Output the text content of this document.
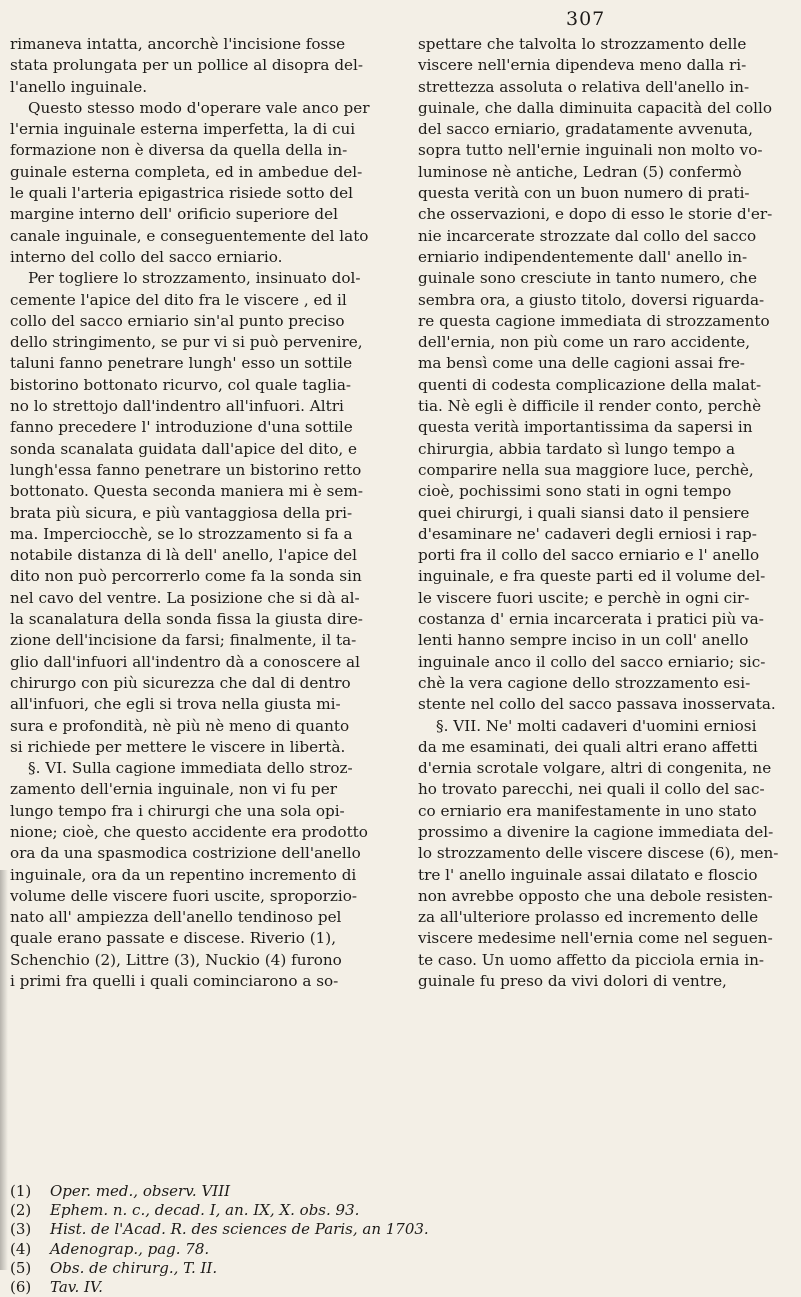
307
rimaneva intatta, ancorchè l'incisione fosse
stata prolungata per un pollice al disopra del-
l'anello inguinale.
Questo stesso modo d'operare vale anco per
l'ernia inguinale esterna imperfetta, la di cui
formazione non è diversa da quella della in-
guinale esterna completa, ed in ambedue del-
le quali l'arteria epigastrica risiede sotto del
margine interno dell' orificio superiore del
canale inguinale, e conseguentemente del lato
interno del collo del sacco erniario.
Per togliere lo strozzamento, insinuato dol-
cemente l'apice del dito fra le viscere , ed il
collo del sacco erniario sin'al punto preciso
dello stringimento, se pur vi si può pervenire,
taluni fanno penetrare lungh' esso un sottile
bistorino bottonato ricurvo, col quale taglia-
no lo strettojo dall'indentro all'infuori. Altri
fanno precedere l' introduzione d'una sottile
sonda scanalata guidata dall'apice del dito, e
lungh'essa fanno penetrare un bistorino retto
bottonato. Questa seconda maniera mi è sem-
brata più sicura, e più vantaggiosa della pri-
ma. Imperciocchè, se lo strozzamento si fa a
notabile distanza di là dell' anello, l'apice del
dito non può percorrerlo come fa la sonda sin
nel cavo del ventre. La posizione che si dà al-
la scanalatura della sonda fissa la giusta dire-
zione dell'incisione da farsi; finalmente, il ta-
glio dall'infuori all'indentro dà a conoscere al
chirurgo con più sicurezza che dal di dentro
all'infuori, che egli si trova nella giusta mi-
sura e profondità, nè più nè meno di quanto
si richiede per mettere le viscere in libertà.
§. VI. Sulla cagione immediata dello stroz-
zamento dell'ernia inguinale, non vi fu per
lungo tempo fra i chirurgi che una sola opi-
nione; cioè, che questo accidente era prodotto
ora da una spasmodica costrizione dell'anello
inguinale, ora da un repentino incremento di
volume delle viscere fuori uscite, sproporzio-
nato all' ampiezza dell'anello tendinoso pel
quale erano passate e discese. Riverio (1),
Schenchio (2), Littre (3), Nuckio (4) furono
i primi fra quelli i quali cominciarono a so-
spettare che talvolta lo strozzamento delle
viscere nell'ernia dipendeva meno dalla ri-
strettezza assoluta o relativa dell'anello in-
guinale, che dalla diminuita capacità del collo
del sacco erniario, gradatamente avvenuta,
sopra tutto nell'ernie inguinali non molto vo-
luminose nè antiche, Ledran (5) confermò
questa verità con un buon numero di prati-
che osservazioni, e dopo di esso le storie d'er-
nie incarcerate strozzate dal collo del sacco
erniario indipendentemente dall' anello in-
guinale sono cresciute in tanto numero, che
sembra ora, a giusto titolo, doversi riguarda-
re questa cagione immediata di strozzamento
dell'ernia, non più come un raro accidente,
ma bensì come una delle cagioni assai fre-
quenti di codesta complicazione della malat-
tia. Nè egli è difficile il render conto, perchè
questa verità importantissima da sapersi in
chirurgia, abbia tardato sì lungo tempo a
comparire nella sua maggiore luce, perchè,
cioè, pochissimi sono stati in ogni tempo
quei chirurgi, i quali siansi dato il pensiere
d'esaminare ne' cadaveri degli erniosi i rap-
porti fra il collo del sacco erniario e l' anello
inguinale, e fra queste parti ed il volume del-
le viscere fuori uscite; e perchè in ogni cir-
costanza d' ernia incarcerata i pratici più va-
lenti hanno sempre inciso in un coll' anello
inguinale anco il collo del sacco erniario; sic-
chè la vera cagione dello strozzamento esi-
stente nel collo del sacco passava inosservata.
§. VII. Ne' molti cadaveri d'uomini erniosi
da me esaminati, dei quali altri erano affetti
d'ernia scrotale volgare, altri di congenita, ne
ho trovato parecchi, nei quali il collo del sac-
co erniario era manifestamente in uno stato
prossimo a divenire la cagione immediata del-
lo strozzamento delle viscere discese (6), men-
tre l' anello inguinale assai dilatato e floscio
non avrebbe opposto che una debole resisten-
za all'ulteriore prolasso ed incremento delle
viscere medesime nell'ernia come nel seguen-
te caso. Un uomo affetto da picciola ernia in-
guinale fu preso da vivi dolori di ventre,
(1) Oper. med., observ. VIII
(2) Ephem. n. c., decad. I, an. IX, X. obs. 93.
(3) Hist. de l'Acad. R. des sciences de Paris, an 1703.
(4) Adenograp., pag. 78.
(5) Obs. de chirurg., T. II.
(6) Tav. IV.
